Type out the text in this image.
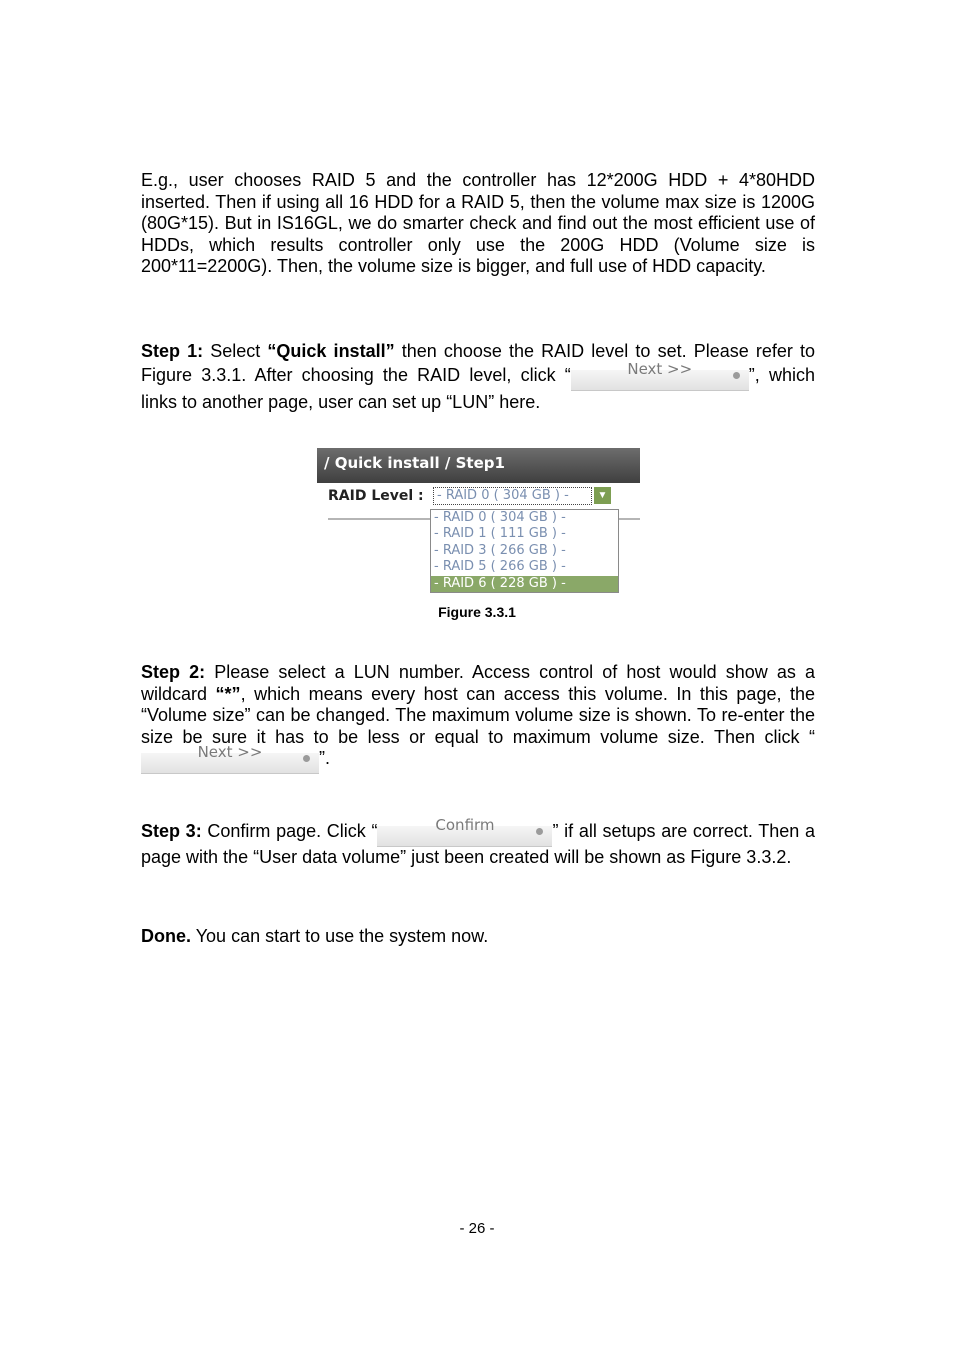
E.g., user chooses RAID 5 and the controller has 12*200G HDD + 4*80HDD inserted. Then if using all 16 HDD for a RAID 5, then the volume max size is 1200G (80G*15). But in IS16GL, we do smarter check and find out the most efficient use of HDDs, which results controller only use the 200G HDD (Volume size is 200*11=2200G). Then, the volume size is bigger, and full use of HDD capacity.
Step 1: Select “Quick install” then choose the RAID level to set. Please refer to Figure 3.3.1. After choosing the RAID level, click “	Next >>	”, which links to another page, user can set up “LUN” here.
/ Quick install / Step1
RAID Level :	- RAID 0 ( 304 GB ) -	▼
- RAID 0 ( 304 GB ) -
- RAID 1 ( 111 GB ) -
- RAID 3 ( 266 GB ) -
- RAID 5 ( 266 GB ) -
- RAID 6 ( 228 GB ) -
Figure 3.3.1
Step 2: Please select a LUN number. Access control of host would show as a wildcard “*”, which means every host can access this volume. In this page, the “Volume size” can be changed. The maximum volume size is shown. To re-enter the size be sure it has to be less or equal to maximum volume size. Then click “Next >>	”.
Step 3: Confirm page. Click “	Confirm	” if all setups are correct. Then a page with the “User data volume” just been created will be shown as Figure 3.3.2.
Done. You can start to use the system now.
- 26 -
